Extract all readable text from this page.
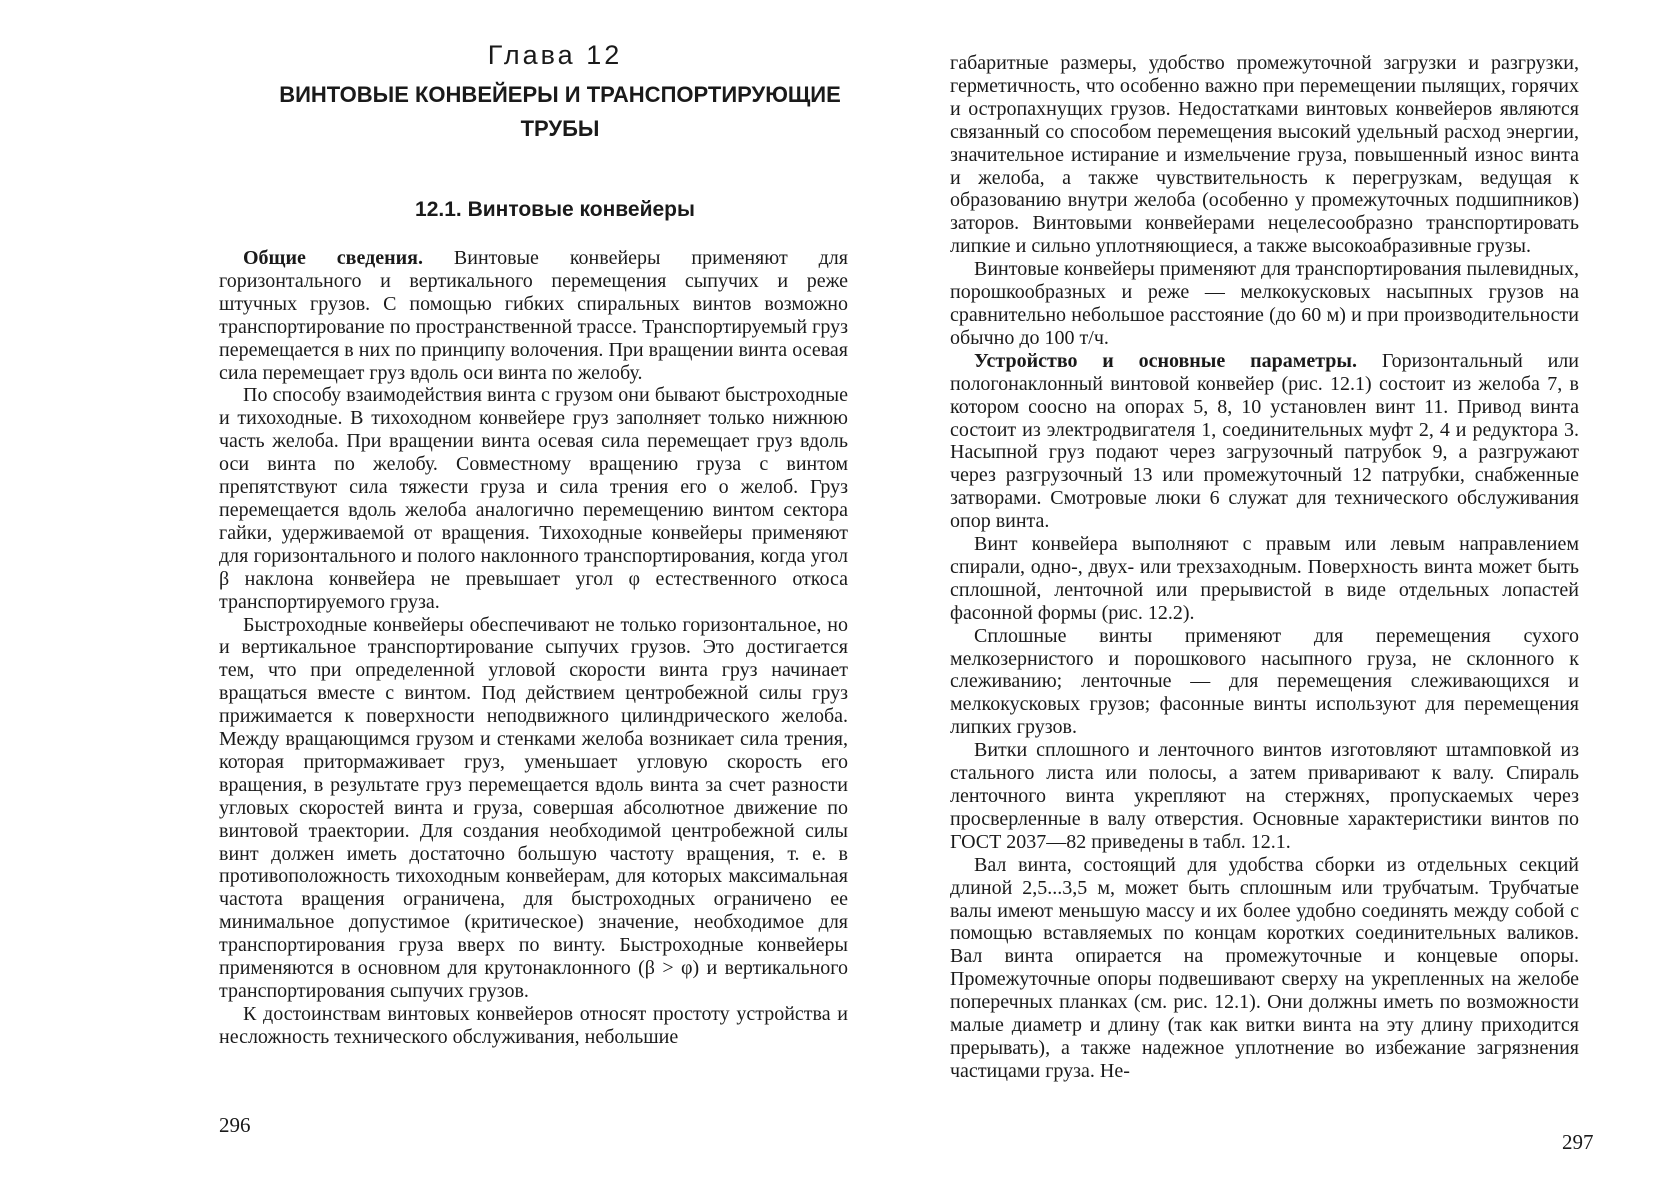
Глава 12
ВИНТОВЫЕ КОНВЕЙЕРЫ И ТРАНСПОРТИРУЮЩИЕ
ТРУБЫ
12.1. Винтовые конвейеры

Общие сведения. Винтовые конвейеры применяют для горизонтального и вертикального перемещения сыпучих и реже штучных грузов. С помощью гибких спиральных винтов возможно транспортирование по пространственной трассе. Транспортируемый груз перемещается в них по принципу волочения. При вращении винта осевая сила перемещает груз вдоль оси винта по желобу.

По способу взаимодействия винта с грузом они бывают быстроходные и тихоходные. В тихоходном конвейере груз заполняет только нижнюю часть желоба. При вращении винта осевая сила перемещает груз вдоль оси винта по желобу. Совместному вращению груза с винтом препятствуют сила тяжести груза и сила трения его о желоб. Груз перемещается вдоль желоба аналогично перемещению винтом сектора гайки, удерживаемой от вращения. Тихоходные конвейеры применяют для горизонтального и полого наклонного транспортирования, когда угол β наклона конвейера не превышает угол φ естественного откоса транспортируемого груза.

Быстроходные конвейеры обеспечивают не только горизонтальное, но и вертикальное транспортирование сыпучих грузов. Это достигается тем, что при определенной угловой скорости винта груз начинает вращаться вместе с винтом. Под действием центробежной силы груз прижимается к поверхности неподвижного цилиндрического желоба. Между вращающимся грузом и стенками желоба возникает сила трения, которая притормаживает груз, уменьшает угловую скорость его вращения, в результате груз перемещается вдоль винта за счет разности угловых скоростей винта и груза, совершая абсолютное движение по винтовой траектории. Для создания необходимой центробежной силы винт должен иметь достаточно большую частоту вращения, т. е. в противоположность тихоходным конвейерам, для которых максимальная частота вращения ограничена, для быстроходных ограничено ее минимальное допустимое (критическое) значение, необходимое для транспортирования груза вверх по винту. Быстроходные конвейеры применяются в основном для крутонаклонного (β > φ) и вертикального транспортирования сыпучих грузов.

К достоинствам винтовых конвейеров относят простоту устройства и несложность технического обслуживания, небольшие

296

габаритные размеры, удобство промежуточной загрузки и разгрузки, герметичность, что особенно важно при перемещении пылящих, горячих и остропахнущих грузов. Недостатками винтовых конвейеров являются связанный со способом перемещения высокий удельный расход энергии, значительное истирание и измельчение груза, повышенный износ винта и желоба, а также чувствительность к перегрузкам, ведущая к образованию внутри желоба (особенно у промежуточных подшипников) заторов. Винтовыми конвейерами нецелесообразно транспортировать липкие и сильно уплотняющиеся, а также высокоабразивные грузы.

Винтовые конвейеры применяют для транспортирования пылевидных, порошкообразных и реже — мелкокусковых насыпных грузов на сравнительно небольшое расстояние (до 60 м) и при производительности обычно до 100 т/ч.

Устройство и основные параметры. Горизонтальный или пологонаклонный винтовой конвейер (рис. 12.1) состоит из желоба 7, в котором соосно на опорах 5, 8, 10 установлен винт 11. Привод винта состоит из электродвигателя 1, соединительных муфт 2, 4 и редуктора 3. Насыпной груз подают через загрузочный патрубок 9, а разгружают через разгрузочный 13 или промежуточный 12 патрубки, снабженные затворами. Смотровые люки 6 служат для технического обслуживания опор винта.

Винт конвейера выполняют с правым или левым направлением спирали, одно-, двух- или трехзаходным. Поверхность винта может быть сплошной, ленточной или прерывистой в виде отдельных лопастей фасонной формы (рис. 12.2).

Сплошные винты применяют для перемещения сухого мелкозернистого и порошкового насыпного груза, не склонного к слеживанию; ленточные — для перемещения слеживающихся и мелкокусковых грузов; фасонные винты используют для перемещения липких грузов.

Витки сплошного и ленточного винтов изготовляют штамповкой из стального листа или полосы, а затем приваривают к валу. Спираль ленточного винта укрепляют на стержнях, пропускаемых через просверленные в валу отверстия. Основные характеристики винтов по ГОСТ 2037—82 приведены в табл. 12.1.

Вал винта, состоящий для удобства сборки из отдельных секций длиной 2,5...3,5 м, может быть сплошным или трубчатым. Трубчатые валы имеют меньшую массу и их более удобно соединять между собой с помощью вставляемых по концам коротких соединительных валиков. Вал винта опирается на промежуточные и концевые опоры. Промежуточные опоры подвешивают сверху на укрепленных на желобе поперечных планках (см. рис. 12.1). Они должны иметь по возможности малые диаметр и длину (так как витки винта на эту длину приходится прерывать), а также надежное уплотнение во избежание загрязнения частицами груза. Не-

297
